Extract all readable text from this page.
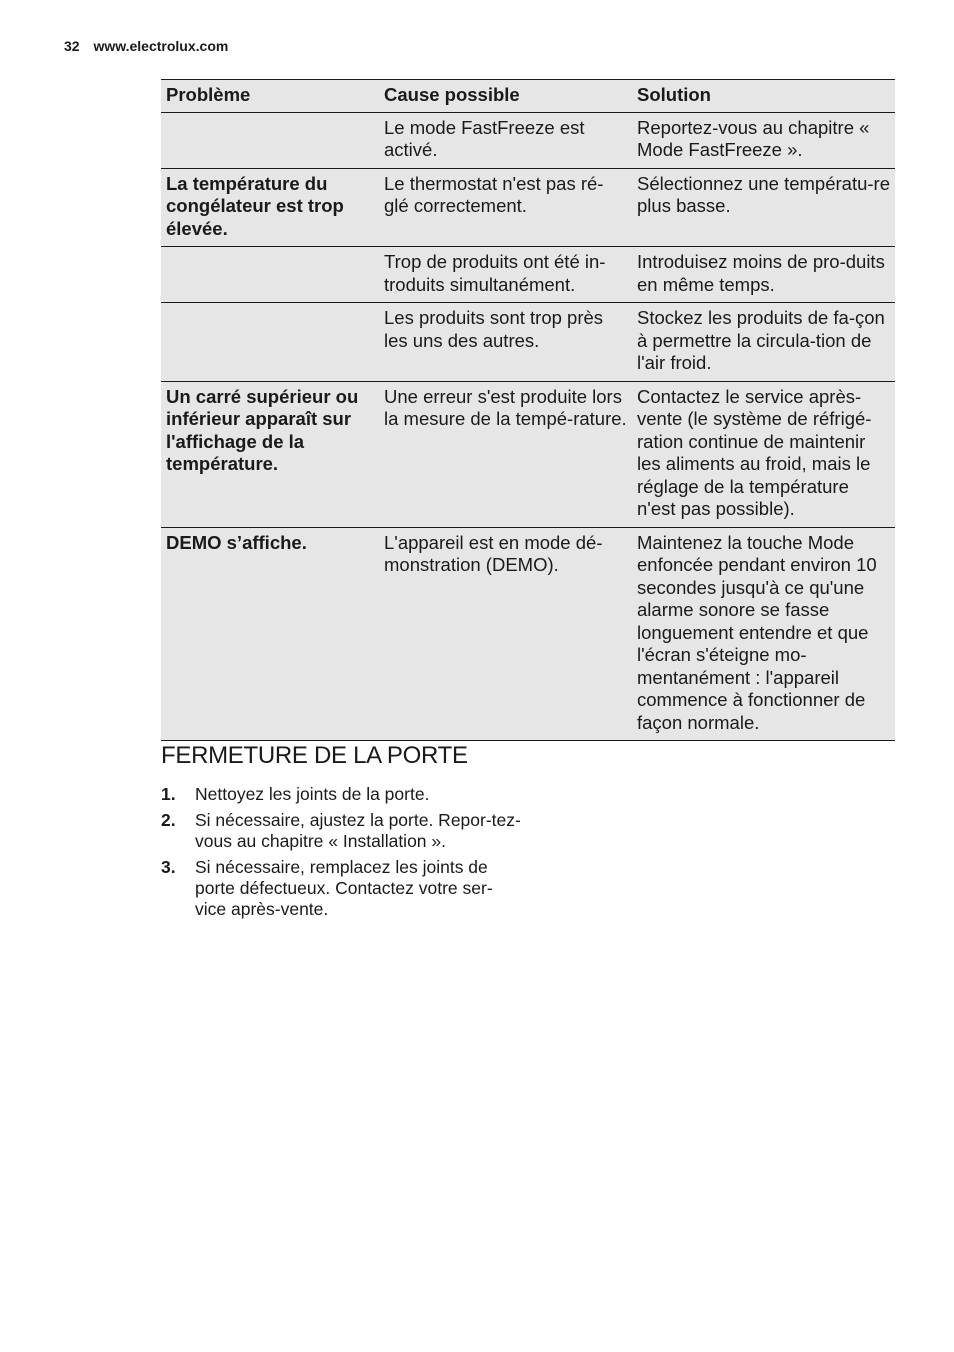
32 www.electrolux.com
Problème	Cause possible	Solution
	Le mode FastFreeze est activé.	Reportez-vous au chapitre « Mode FastFreeze ».
La température du congélateur est trop élevée.	Le thermostat n'est pas ré-glé correctement.	Sélectionnez une températu-re plus basse.
	Trop de produits ont été in-troduits simultanément.	Introduisez moins de pro-duits en même temps.
	Les produits sont trop près les uns des autres.	Stockez les produits de fa-çon à permettre la circula-tion de l'air froid.
Un carré supérieur ou inférieur apparaît sur l'affichage de la température.	Une erreur s'est produite lors la mesure de la tempé-rature.	Contactez le service après-vente (le système de réfrigé-ration continue de maintenir les aliments au froid, mais le réglage de la température n'est pas possible).
DEMO s’affiche.	L'appareil est en mode dé-monstration (DEMO).	Maintenez la touche Mode enfoncée pendant environ 10 secondes jusqu'à ce qu'une alarme sonore se fasse longuement entendre et que l'écran s'éteigne mo-mentanément : l'appareil commence à fonctionner de façon normale.
FERMETURE DE LA PORTE
1. Nettoyez les joints de la porte.
2. Si nécessaire, ajustez la porte. Repor-tez-vous au chapitre « Installation ».
3. Si nécessaire, remplacez les joints de porte défectueux. Contactez votre ser-vice après-vente.
